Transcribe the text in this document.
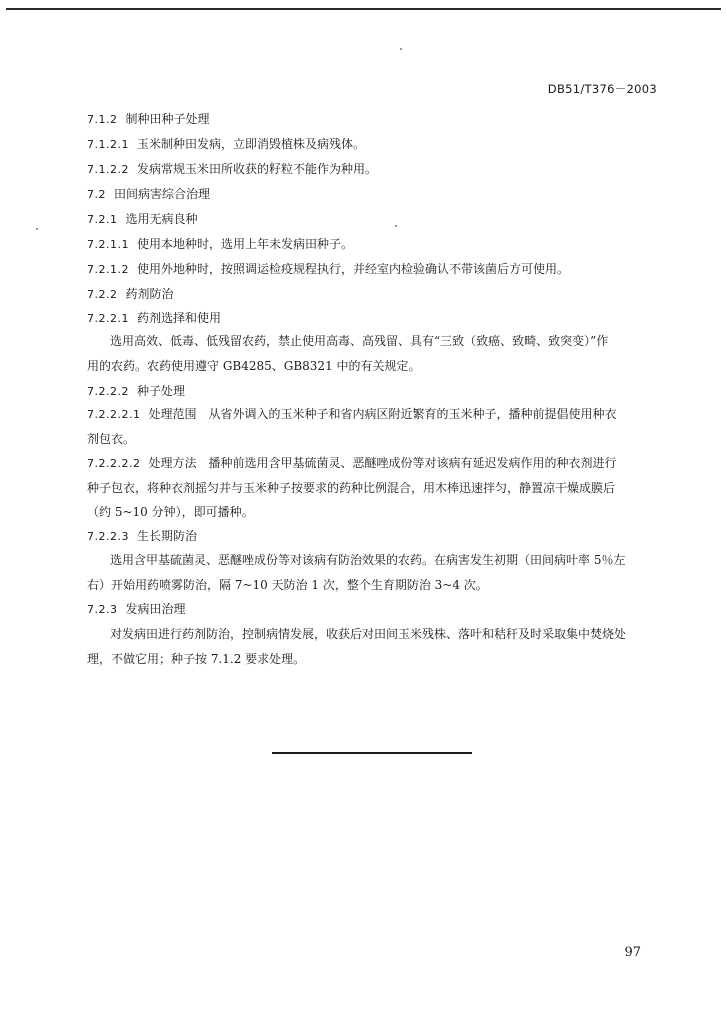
DB51/T376－2003
7.1.2 制种田种子处理
7.1.2.1 玉米制种田发病，立即消毁植株及病残体。
7.1.2.2 发病常规玉米田所收获的籽粒不能作为种用。
7.2 田间病害综合治理
7.2.1 选用无病良种
7.2.1.1 使用本地种时，选用上年未发病田种子。
7.2.1.2 使用外地种时，按照调运检疫规程执行，并经室内检验确认不带该菌后方可使用。
7.2.2 药剂防治
7.2.2.1 药剂选择和使用
选用高效、低毒、低残留农药，禁止使用高毒、高残留、具有“三致（致癌、致畸、致突变）”作
用的农药。农药使用遵守 GB4285、GB8321 中的有关规定。
7.2.2.2 种子处理
7.2.2.2.1 处理范围　从省外调入的玉米种子和省内病区附近繁育的玉米种子，播种前提倡使用种衣
剂包衣。
7.2.2.2.2 处理方法　播种前选用含甲基硫菌灵、恶醚唑成份等对该病有延迟发病作用的种衣剂进行
种子包衣，将种衣剂摇匀并与玉米种子按要求的药种比例混合，用木棒迅速拌匀，静置凉干燥成膜后
（约 5~10 分钟），即可播种。
7.2.2.3 生长期防治
选用含甲基硫菌灵、恶醚唑成份等对该病有防治效果的农药。在病害发生初期（田间病叶率 5％左
右）开始用药喷雾防治，隔 7~10 天防治 1 次，整个生育期防治 3~4 次。
7.2.3 发病田治理
对发病田进行药剂防治，控制病情发展，收获后对田间玉米残株、落叶和秸秆及时采取集中焚烧处
理，不做它用；种子按 7.1.2 要求处理。
97
